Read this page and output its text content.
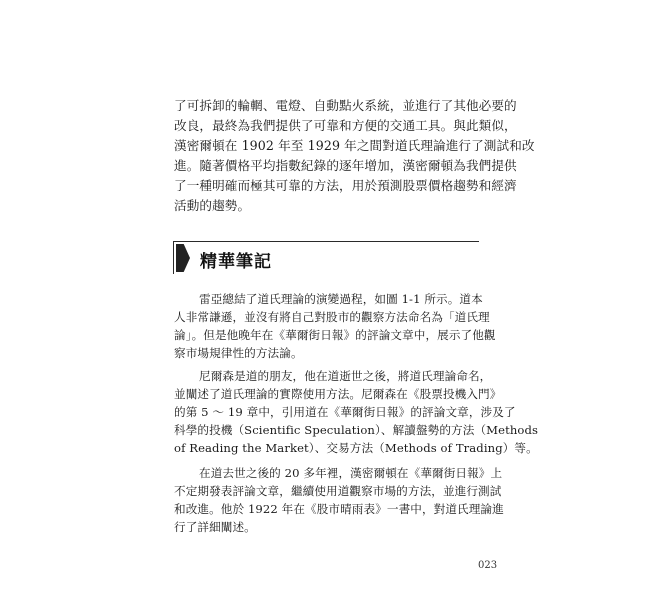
了可拆卸的輪輞、電燈、自動點火系統，並進行了其他必要的
改良，最終為我們提供了可靠和方便的交通工具。與此類似，
漢密爾頓在 1902 年至 1929 年之間對道氏理論進行了測試和改
進。隨著價格平均指數紀錄的逐年增加，漢密爾頓為我們提供
了一種明確而極其可靠的方法，用於預測股票價格趨勢和經濟
活動的趨勢。
精華筆記
雷亞總結了道氏理論的演變過程，如圖 1-1 所示。道本
人非常謙遜，並沒有將自己對股市的觀察方法命名為「道氏理
論」。但是他晚年在《華爾街日報》的評論文章中，展示了他觀
察市場規律性的方法論。
尼爾森是道的朋友，他在道逝世之後，將道氏理論命名，
並闡述了道氏理論的實際使用方法。尼爾森在《股票投機入門》
的第 5 ～ 19 章中，引用道在《華爾街日報》的評論文章，涉及了
科學的投機（Scientific Speculation）、解讀盤勢的方法（Methods
of Reading the Market）、交易方法（Methods of Trading）等。
在道去世之後的 20 多年裡，漢密爾頓在《華爾街日報》上
不定期發表評論文章，繼續使用道觀察市場的方法，並進行測試
和改進。他於 1922 年在《股市晴雨表》一書中，對道氏理論進
行了詳細闡述。
023
